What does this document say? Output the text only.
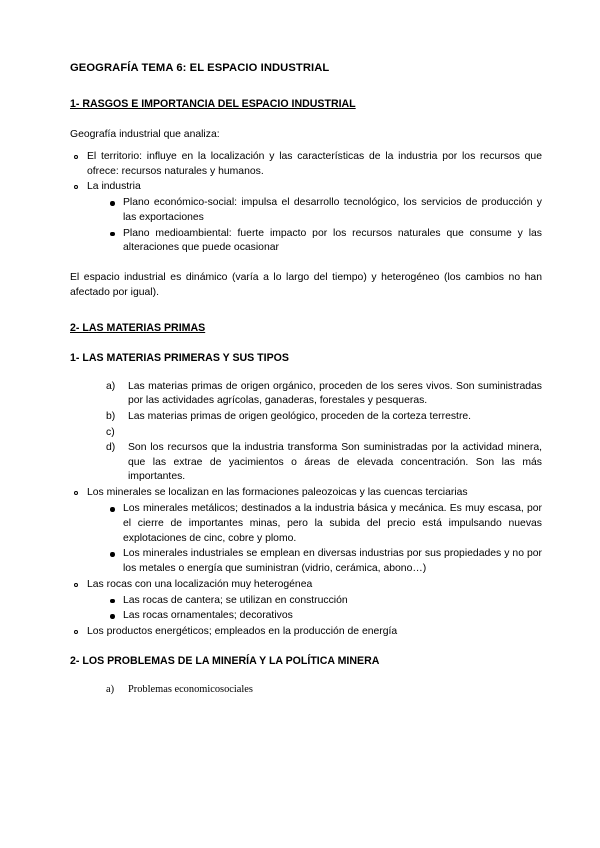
GEOGRAFÍA TEMA 6: EL ESPACIO INDUSTRIAL
1- RASGOS E IMPORTANCIA DEL ESPACIO INDUSTRIAL

Geografía industrial que analiza:

El territorio: influye en la localización y las características de la industria por los recursos que ofrece: recursos naturales y humanos.
La industria
Plano económico-social: impulsa el desarrollo tecnológico, los servicios de producción y las exportaciones
Plano medioambiental: fuerte impacto por los recursos naturales que consume y las alteraciones que puede ocasionar

El espacio industrial es dinámico (varía a lo largo del tiempo) y heterogéneo (los cambios no han afectado por igual).

2- LAS MATERIAS PRIMAS
1- LAS MATERIAS PRIMERAS Y SUS TIPOS
Las materias primas de origen orgánico, proceden de los seres vivos. Son suministradas por las actividades agrícolas, ganaderas, forestales y pesqueras.
Las materias primas de origen geológico, proceden de la corteza terrestre.
Son los recursos que la industria transforma Son suministradas por la actividad minera, que las extrae de yacimientos o áreas de elevada concentración. Son las más importantes.
Los minerales se localizan en las formaciones paleozoicas y las cuencas terciarias
Los minerales metálicos; destinados a la industria básica y mecánica. Es muy escasa, por el cierre de importantes minas, pero la subida del precio está impulsando nuevas explotaciones de cinc, cobre y plomo.
Los minerales industriales se emplean en diversas industrias por sus propiedades y no por los metales o energía que suministran (vidrio, cerámica, abono…)
Las rocas con una localización muy heterogénea
Las rocas de cantera; se utilizan en construcción
Las rocas ornamentales; decorativos
Los productos energéticos; empleados en la producción de energía
2- LOS PROBLEMAS DE LA MINERÍA Y LA POLÍTICA MINERA
Problemas economicosociales
